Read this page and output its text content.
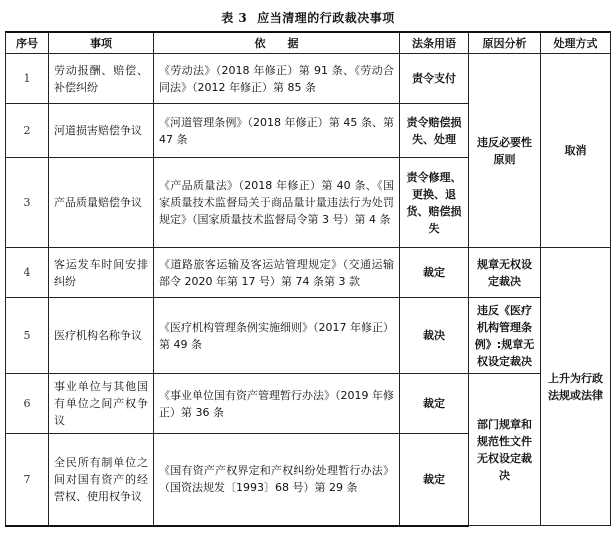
表 3 应当清理的行政裁决事项
序号	事项	依　　据	法条用语	原因分析	处理方式
1	劳动报酬、赔偿、补偿纠纷	《劳动法》（2018 年修正）第 91 条、《劳动合同法》（2012 年修正）第 85 条	责令支付	违反必要性原则	取消
2	河道损害赔偿争议	《河道管理条例》（2018 年修正）第 45 条、第 47 条	责令赔偿损失、处理		
3	产品质量赔偿争议	《产品质量法》（2018 年修正）第 40 条、《国家质量技术监督局关于商品量计量违法行为处罚规定》（国家质量技术监督局令第 3 号）第 4 条	责令修理、更换、退货、赔偿损失		
4	客运发车时间安排纠纷	《道路旅客运输及客运站管理规定》（交通运输部令 2020 年第 17 号）第 74 条第 3 款	裁定	规章无权设定裁决	上升为行政法规或法律
5	医疗机构名称争议	《医疗机构管理条例实施细则》（2017 年修正）第 49 条	裁决	违反《医疗机构管理条例》:规章无权设定裁决	
6	事业单位与其他国有单位之间产权争议	《事业单位国有资产管理暂行办法》（2019 年修正）第 36 条	裁定	部门规章和规范性文件无权设定裁决	
7	全民所有制单位之间对国有资产的经营权、使用权争议	《国有资产产权界定和产权纠纷处理暂行办法》（国资法规发〔1993〕68 号）第 29 条	裁定		
